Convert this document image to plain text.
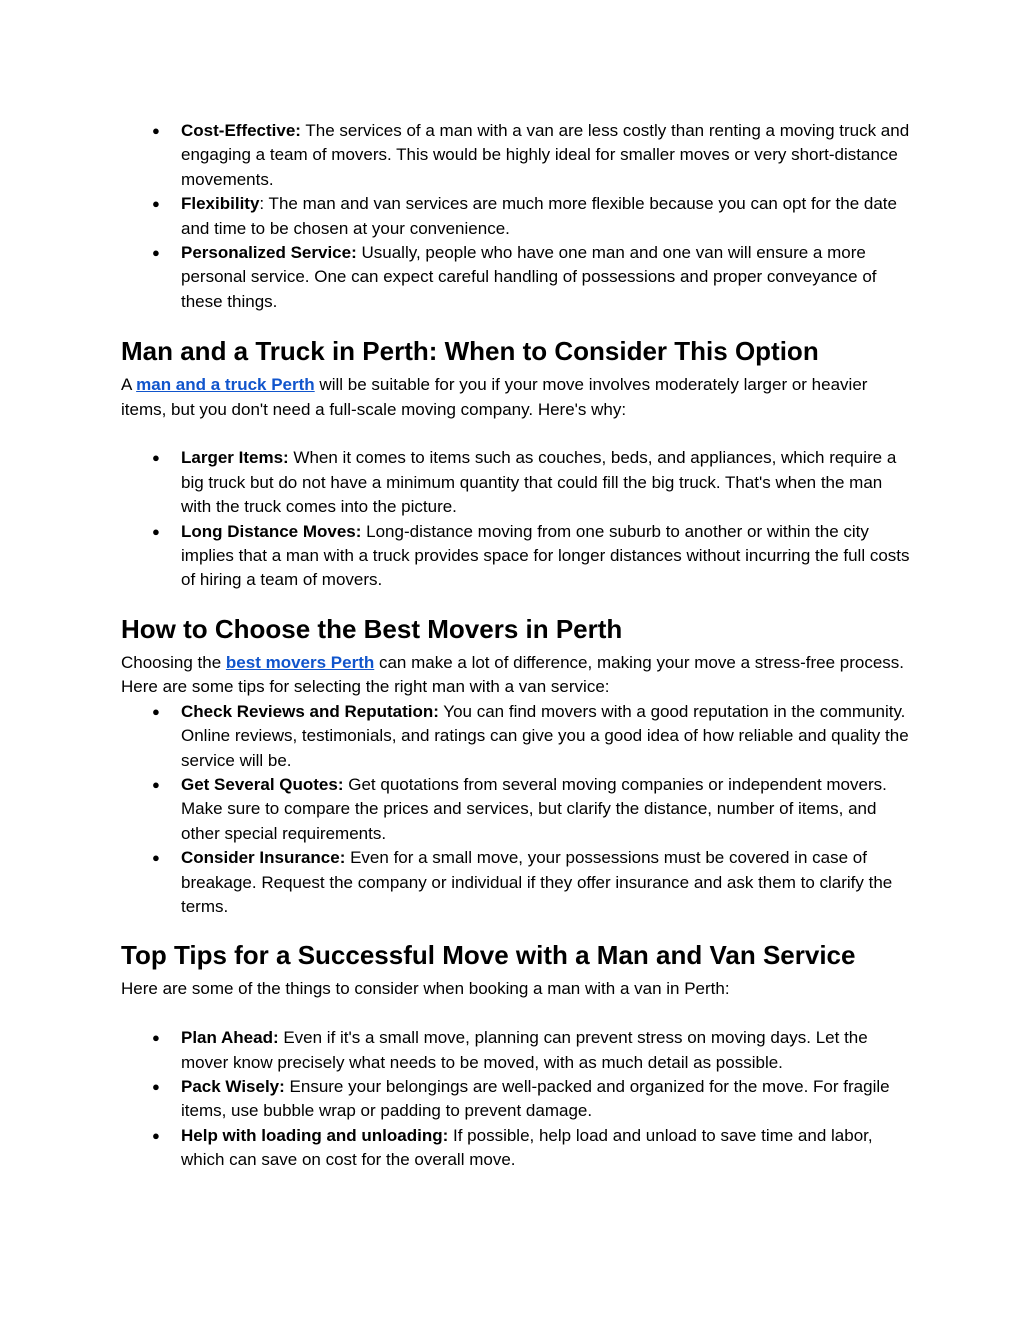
● Cost-Effective: The services of a man with a van are less costly than renting a moving truck and engaging a team of movers. This would be highly ideal for smaller moves or very short-distance movements.
● Flexibility: The man and van services are much more flexible because you can opt for the date and time to be chosen at your convenience.
● Personalized Service: Usually, people who have one man and one van will ensure a more personal service. One can expect careful handling of possessions and proper conveyance of these things.
Man and a Truck in Perth: When to Consider This Option

A man and a truck Perth will be suitable for you if your move involves moderately larger or heavier items, but you don't need a full-scale moving company. Here's why:

● Larger Items: When it comes to items such as couches, beds, and appliances, which require a big truck but do not have a minimum quantity that could fill the big truck. That's when the man with the truck comes into the picture.
● Long Distance Moves: Long-distance moving from one suburb to another or within the city implies that a man with a truck provides space for longer distances without incurring the full costs of hiring a team of movers.
How to Choose the Best Movers in Perth

Choosing the best movers Perth can make a lot of difference, making your move a stress-free process. Here are some tips for selecting the right man with a van service:

● Check Reviews and Reputation: You can find movers with a good reputation in the community. Online reviews, testimonials, and ratings can give you a good idea of how reliable and quality the service will be.
● Get Several Quotes: Get quotations from several moving companies or independent movers. Make sure to compare the prices and services, but clarify the distance, number of items, and other special requirements.
● Consider Insurance: Even for a small move, your possessions must be covered in case of breakage. Request the company or individual if they offer insurance and ask them to clarify the terms.
Top Tips for a Successful Move with a Man and Van Service

Here are some of the things to consider when booking a man with a van in Perth:

● Plan Ahead: Even if it's a small move, planning can prevent stress on moving days. Let the mover know precisely what needs to be moved, with as much detail as possible.
● Pack Wisely: Ensure your belongings are well-packed and organized for the move. For fragile items, use bubble wrap or padding to prevent damage.
● Help with loading and unloading: If possible, help load and unload to save time and labor, which can save on cost for the overall move.
